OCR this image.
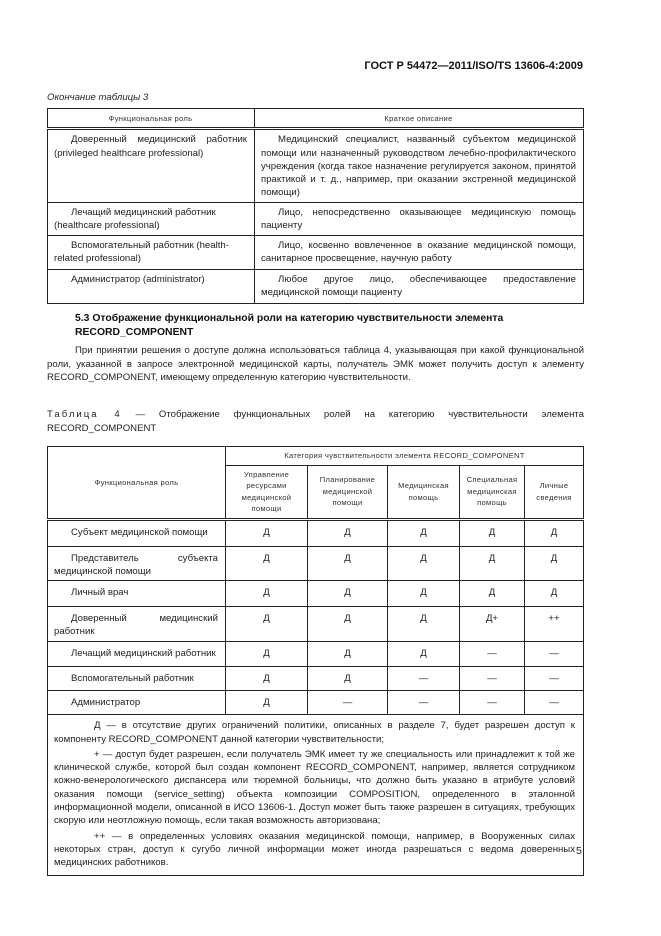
ГОСТ Р 54472—2011/ISO/TS 13606-4:2009
Окончание таблицы 3
Функциональная роль	Краткое описание
Доверенный медицинский работник (privileged healthcare professional)	Медицинский специалист, названный субъектом медицинской помощи или назначенный руководством лечебно-профилактического учреждения (когда такое назначение регулируется законом, принятой практикой и т. д., например, при оказании экстренной медицинской помощи)
Лечащий медицинский работник (healthcare professional)	Лицо, непосредственно оказывающее медицинскую помощь пациенту
Вспомогательный работник (health-related professional)	Лицо, косвенно вовлеченное в оказание медицинской помощи, санитарное просвещение, научную работу
Администратор (administrator)	Любое другое лицо, обеспечивающее предоставление медицинской помощи пациенту
5.3 Отображение функциональной роли на категорию чувствительности элемента RECORD_COMPONENT
При принятии решения о доступе должна использоваться таблица 4, указывающая при какой функциональной роли, указанной в запросе электронной медицинской карты, получатель ЭМК может получить доступ к элементу RECORD_COMPONENT, имеющему определенную категорию чувствительности.
Таблица 4 — Отображение функциональных ролей на категорию чувствительности элемента RECORD_COMPONENT
Функциональная роль	Категория чувствительности элемента RECORD_COMPONENT				
	Управление ресурсами медицинской помощи	Планирование медицинской помощи	Медицинская помощь	Специальная медицинская помощь	Личные сведения
Субъект медицинской помощи	Д	Д	Д	Д	Д
Представитель субъекта медицинской помощи	Д	Д	Д	Д	Д
Личный врач	Д	Д	Д	Д	Д
Доверенный медицинский работник	Д	Д	Д	Д+	++
Лечащий медицинский работник	Д	Д	Д	—	—
Вспомогательный работник	Д	Д	—	—	—
Администратор	Д	—	—	—	—

Д — в отсутствие других ограничений политики, описанных в разделе 7, будет разрешен доступ к компоненту RECORD_COMPONENT данной категории чувствительности;

+ — доступ будет разрешен, если получатель ЭМК имеет ту же специальность или принадлежит к той же клинической службе, которой был создан компонент RECORD_COMPONENT, например, является сотрудником кожно-венерологического диспансера или тюремной больницы, что должно быть указано в атрибуте условий оказания помощи (service_setting) объекта композиции COMPOSITION, определенного в эталонной информационной модели, описанной в ИСО 13606-1. Доступ может быть также разрешен в ситуациях, требующих скорую или неотложную помощь, если такая возможность авторизована;

++ — в определенных условиях оказания медицинской помощи, например, в Вооруженных силах некоторых стран, доступ к сугубо личной информации может иногда разрешаться с ведома доверенных медицинских работников.					

5
